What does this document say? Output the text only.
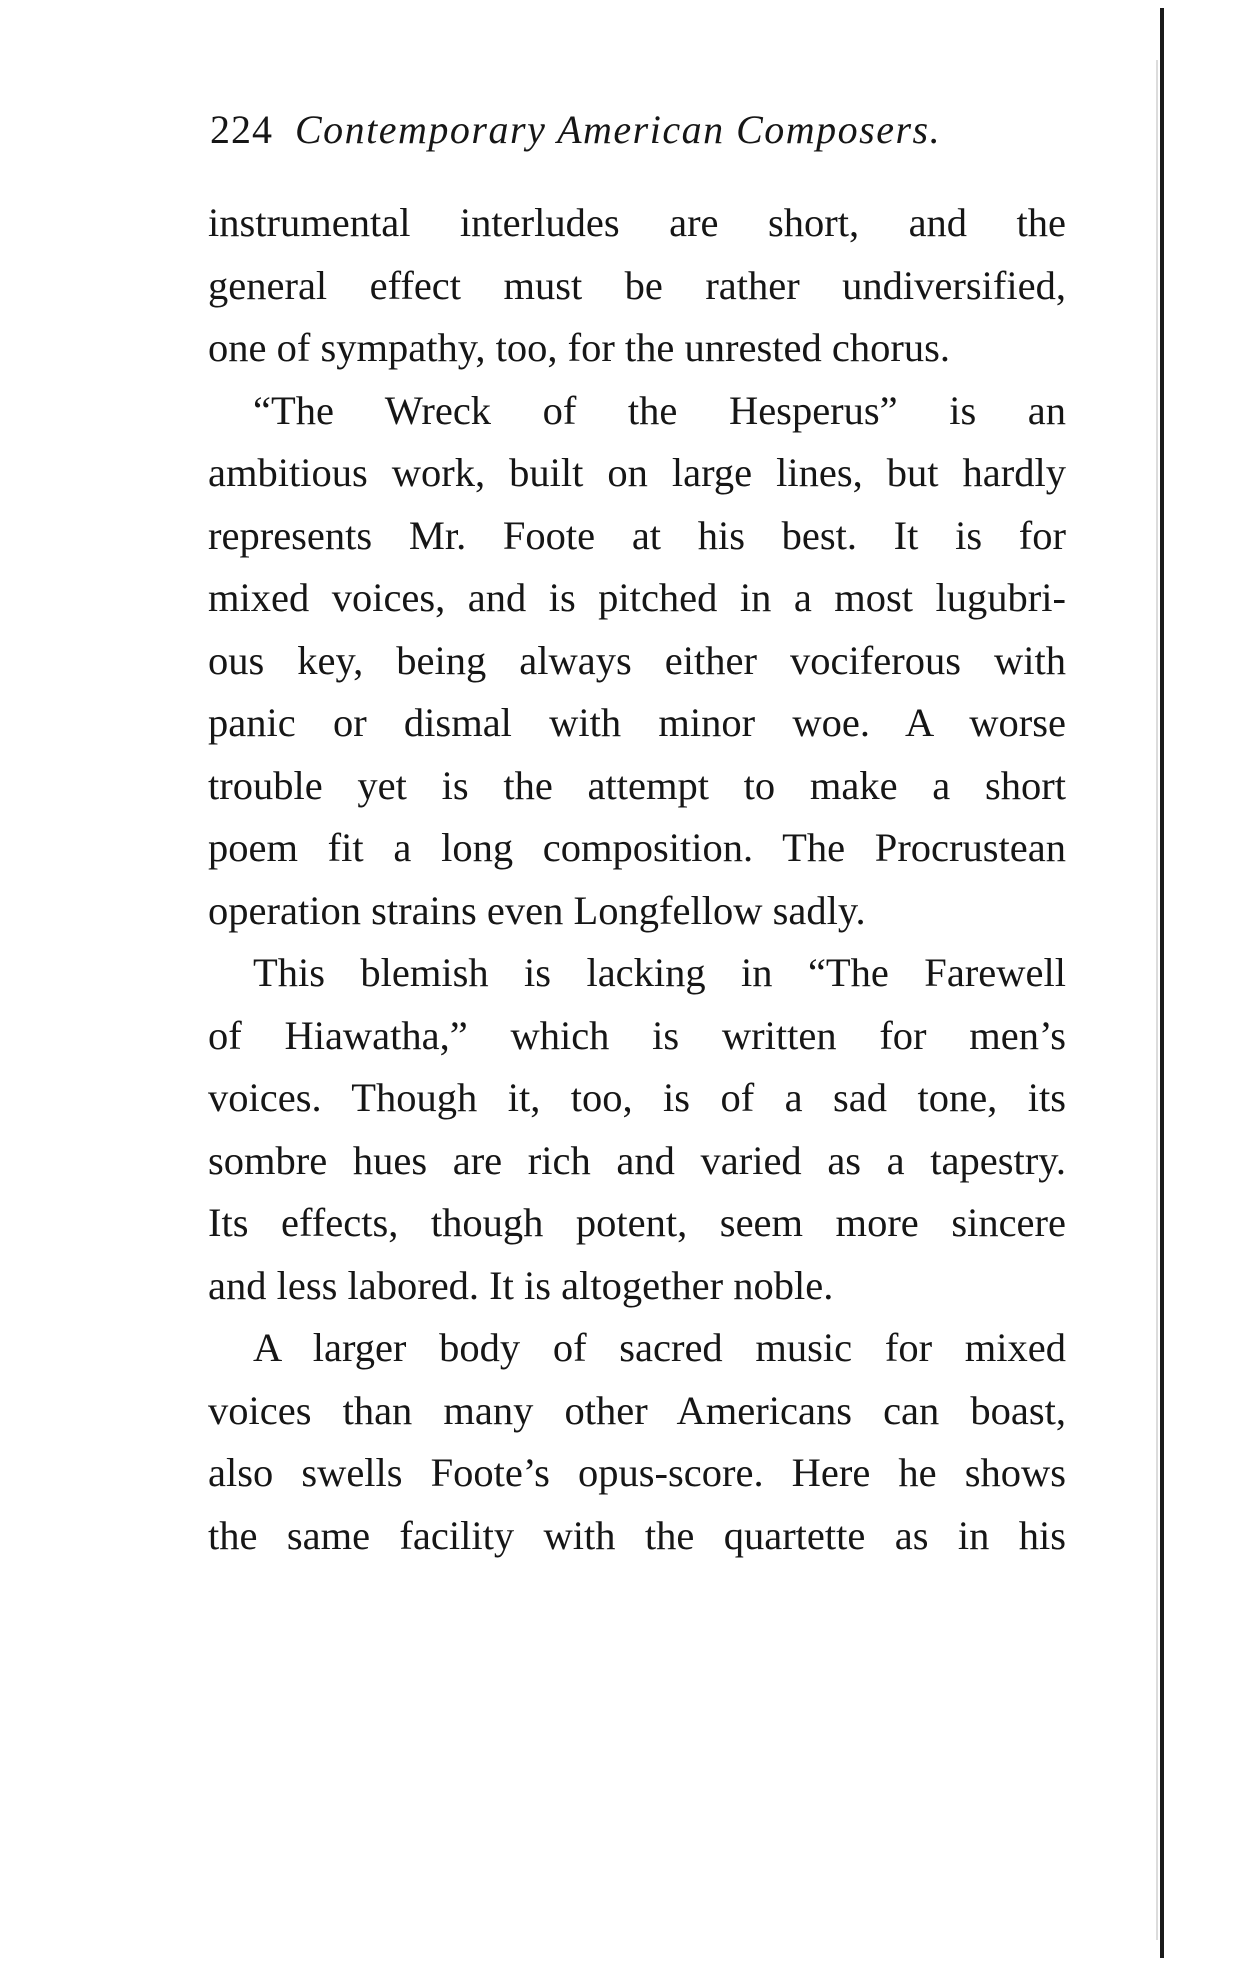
224 Contemporary American Composers.
instrumental interludes are short, and the
general effect must be rather undiversified,
one of sympathy, too, for the unrested chorus.
“The Wreck of the Hesperus” is an
ambitious work, built on large lines, but hardly
represents Mr. Foote at his best. It is for
mixed voices, and is pitched in a most lugubri-
ous key, being always either vociferous with
panic or dismal with minor woe. A worse
trouble yet is the attempt to make a short
poem fit a long composition. The Procrustean
operation strains even Longfellow sadly.
This blemish is lacking in “The Farewell
of Hiawatha,” which is written for men’s
voices. Though it, too, is of a sad tone, its
sombre hues are rich and varied as a tapestry.
Its effects, though potent, seem more sincere
and less labored. It is altogether noble.
A larger body of sacred music for mixed
voices than many other Americans can boast,
also swells Foote’s opus-score. Here he shows
the same facility with the quartette as in his
